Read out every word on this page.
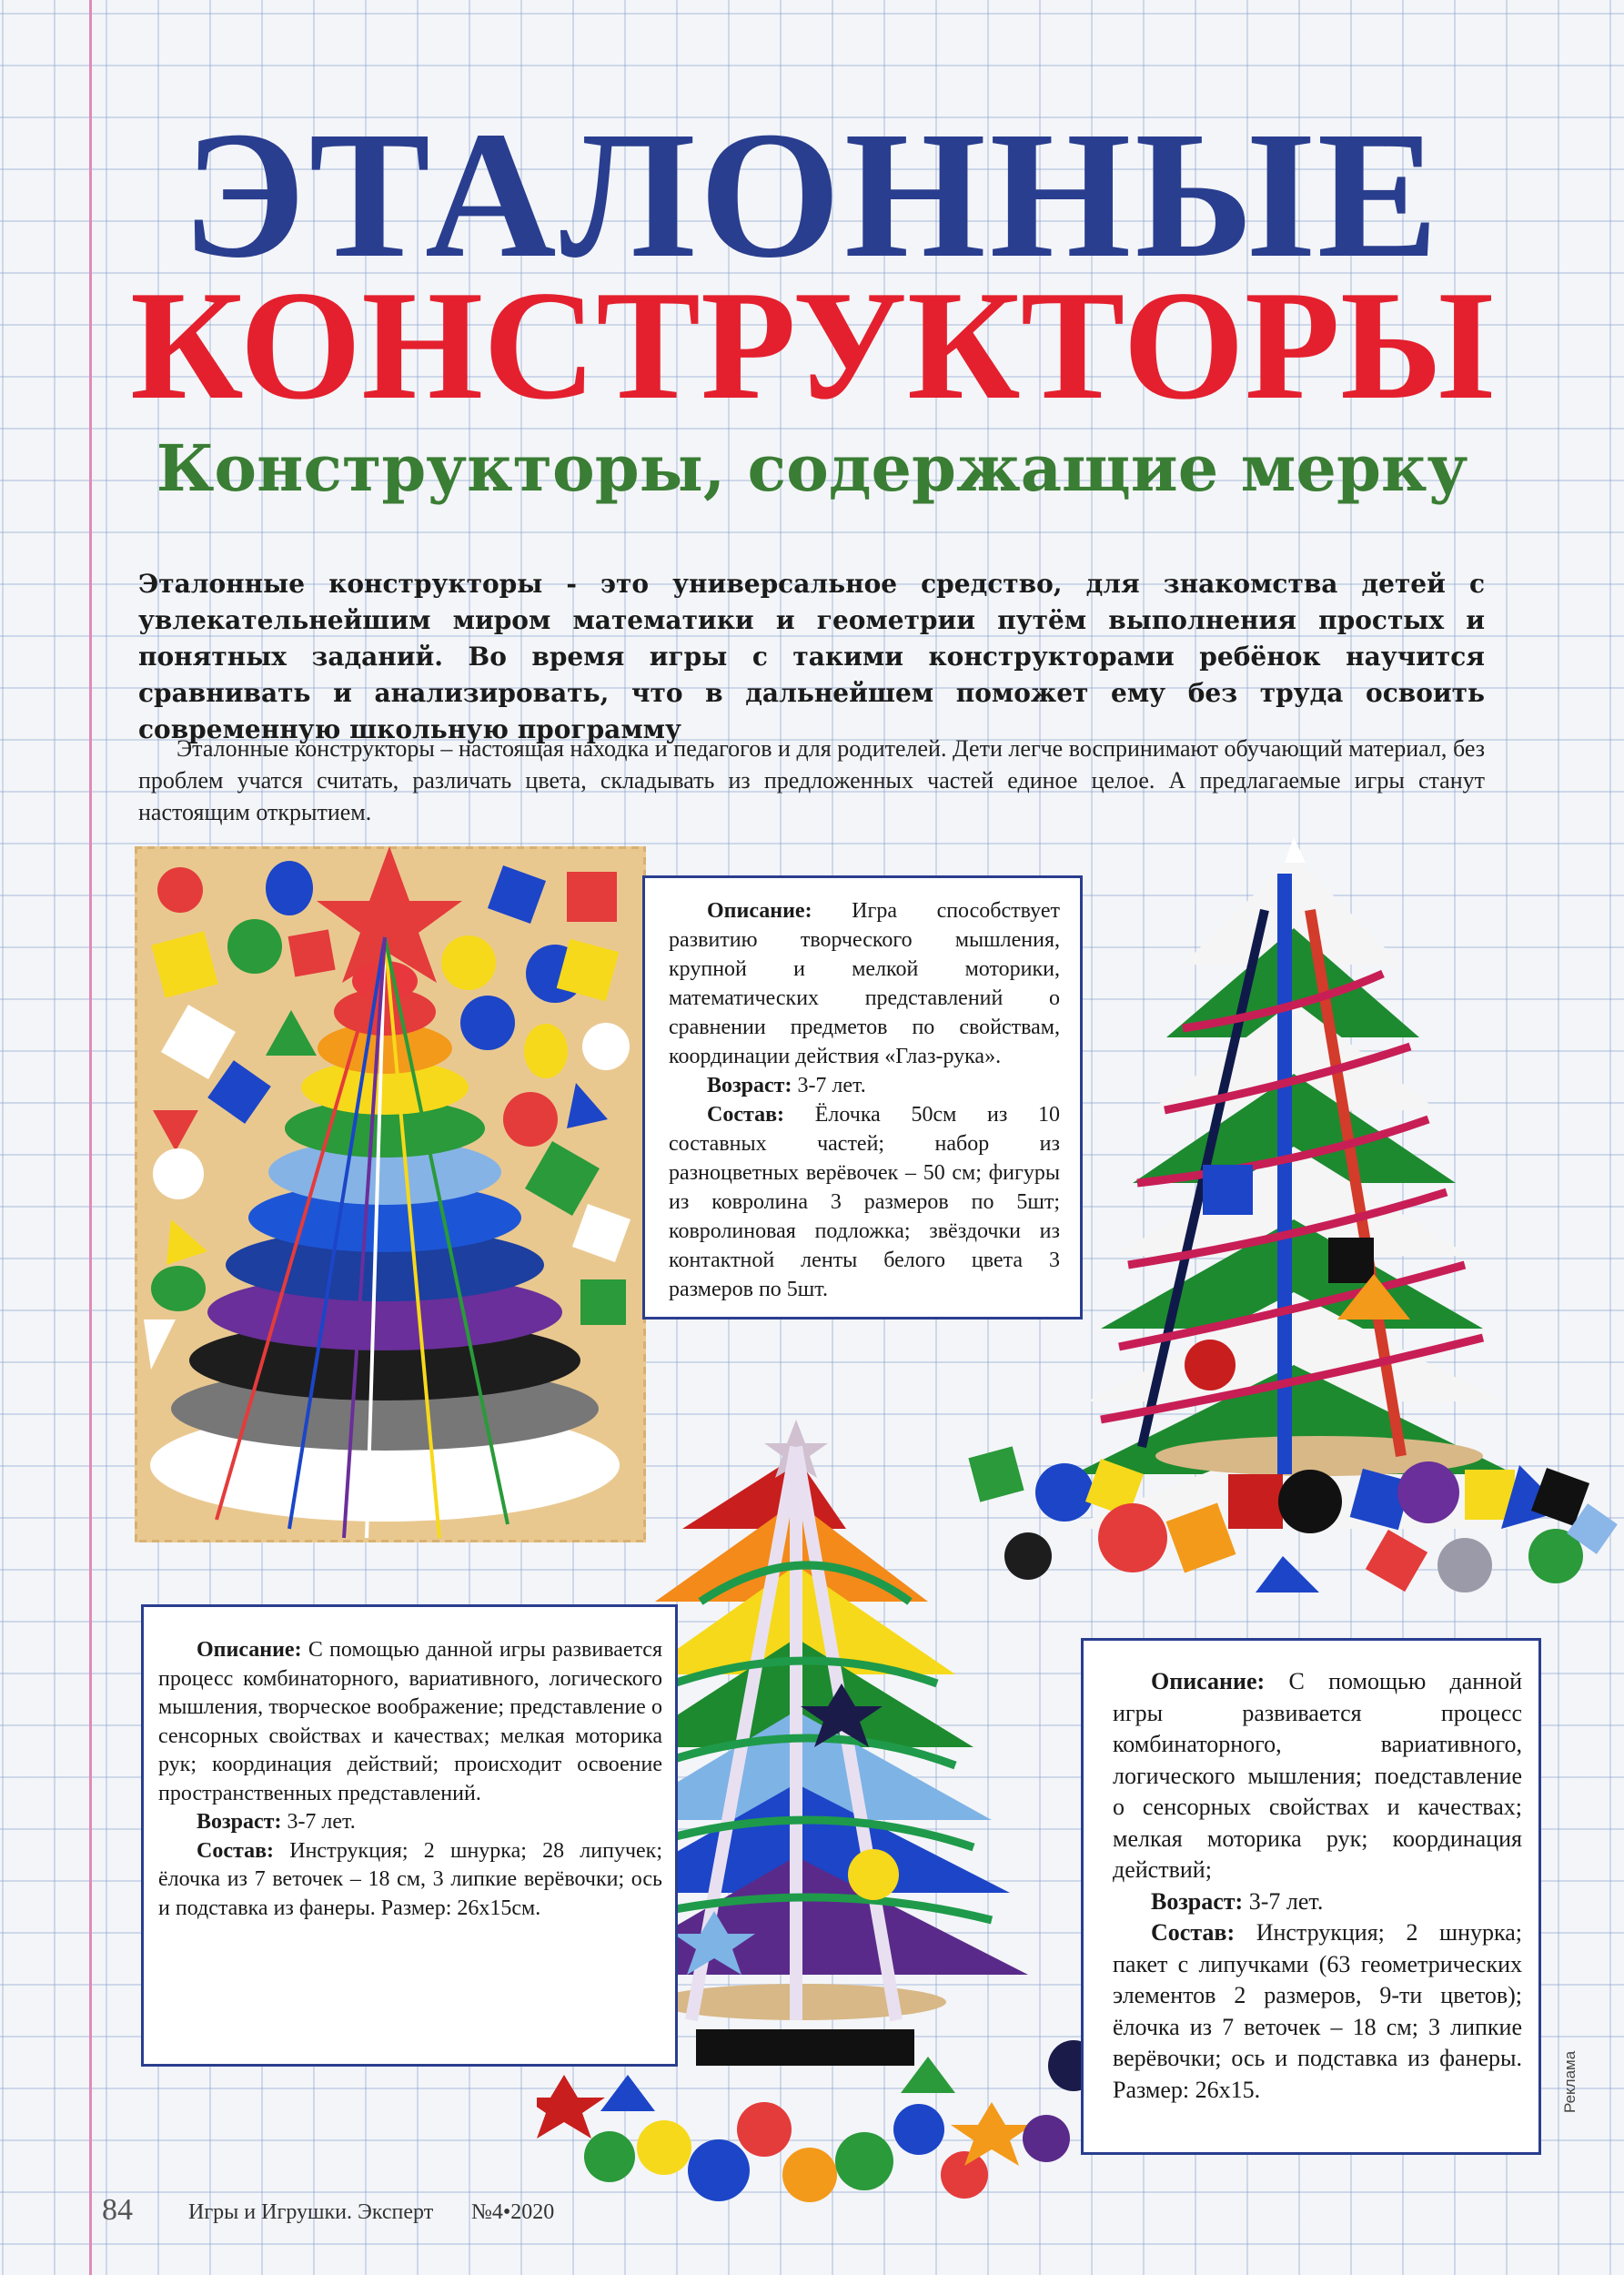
ЭТАЛОННЫЕ
КОНСТРУКТОРЫ
Конструкторы, содержащие мерку
Эталонные конструкторы - это универсальное средство, для знакомства детей с увлекательнейшим миром математики и геометрии путём выполнения простых и понятных заданий. Во время игры с такими конструкторами ребёнок научится сравнивать и анализировать, что в дальнейшем поможет ему без труда освоить современную школьную программу
Эталонные конструкторы – настоящая находка и педагогов и для родителей. Дети легче воспринимают обучающий материал, без проблем учатся считать, различать цвета, складывать из предложенных частей единое целое. А предлагаемые игры станут настоящим открытием.

Описание: Игра способствует развитию творческого мышления, крупной и мелкой моторики, математических представлений о сравнении предметов по свойствам, координации действия «Глаз-рука».

Возраст: 3-7 лет.

Состав: Ёлочка 50см из 10 составных частей; набор из разноцветных верёвочек – 50 см; фигуры из ковролина 3 размеров по 5шт; ковролиновая подложка; звёздочки из контактной ленты белого цвета 3 размеров по 5шт.

Описание: С помощью данной игры развивается процесс комбинаторного, вариативного, логического мышления, творческое воображение; представление о сенсорных свойствах и качествах; мелкая моторика рук; координация действий; происходит освоение пространственных представлений.

Возраст: 3-7 лет.

Состав: Инструкция; 2 шнурка; 28 липучек; ёлочка из 7 веточек – 18 см, 3 липкие верёвочки; ось и подставка из фанеры. Размер: 26х15см.

Описание: С помощью данной игры развивается процесс комбинаторного, вариативного, логического мышления; поедставление о сенсорных свойствах и качествах; мелкая моторика рук; координация действий;

Возраст: 3-7 лет.

Состав: Инструкция; 2 шнурка; пакет с липучками (63 геометрических элементов 2 размеров, 9-ти цветов); ёлочка из 7 веточек – 18 см; 3 липкие верёвочки; ось и подставка из фанеры. Размер: 26х15.

84	Игры и Игрушки. Эксперт №4•2020
Реклама
